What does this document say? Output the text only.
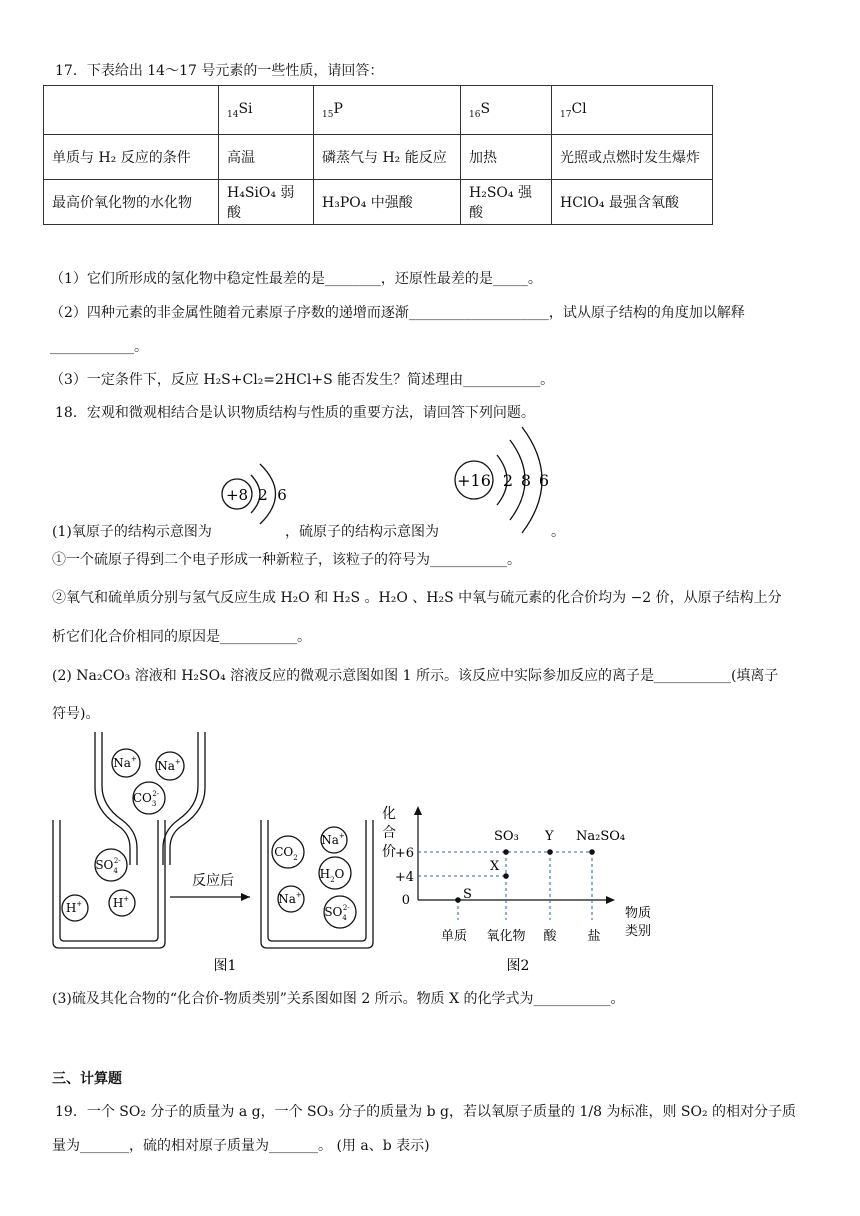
17．下表给出 14～17 号元素的一些性质，请回答：
	$_{14}$Si	$_{15}$P	$_{16}$S	$_{17}$Cl
单质与 H₂ 反应的条件	高温	磷蒸气与 H₂ 能反应	加热	光照或点燃时发生爆炸
最高价氧化物的水化物	H₄SiO₄ 弱酸	H₃PO₄ 中强酸	H₂SO₄ 强酸	HClO₄ 最强含氧酸
（1）它们所形成的氢化物中稳定性最差的是________，还原性最差的是_____。
（2）四种元素的非金属性随着元素原子序数的递增而逐渐____________________，试从原子结构的角度加以解释
____________。
（3）一定条件下，反应 H₂S+Cl₂=2HCl+S 能否发生？简述理由___________。
18．宏观和微观相结合是认识物质结构与性质的重要方法，请回答下列问题。
(1)氧原子的结构示意图为
+8 2 6
，硫原子的结构示意图为
+16 2 8 6
。
①一个硫原子得到二个电子形成一种新粒子，该粒子的符号为___________。
②氧气和硫单质分别与氢气反应生成 H₂O 和 H₂S 。H₂O 、H₂S 中氧与硫元素的化合价均为 −2 价，从原子结构上分
析它们化合价相同的原因是___________。
(2) Na₂CO₃ 溶液和 H₂SO₄ 溶液反应的微观示意图如图 1 所示。该反应中实际参加反应的离子是___________(填离子
符号)。
反应后
Na+ Na+
$CO_32-$
$SO_42-$
H+	H+
$CO_2$
Na+
$H_2O$
Na+
$SO_42-$
图1
化
合
价
+6
+4
0	S
X
SO₃ Y Na₂SO₄
单质 氧化物 酸 盐
物质
类别
图2
(3)硫及其化合物的“化合价-物质类别”关系图如图 2 所示。物质 X 的化学式为___________。
三、计算题
19．一个 SO₂ 分子的质量为 a g，一个 SO₃ 分子的质量为 b g，若以氧原子质量的 1/8 为标准，则 SO₂ 的相对分子质
量为_______，硫的相对原子质量为_______。 (用 a、b 表示)
